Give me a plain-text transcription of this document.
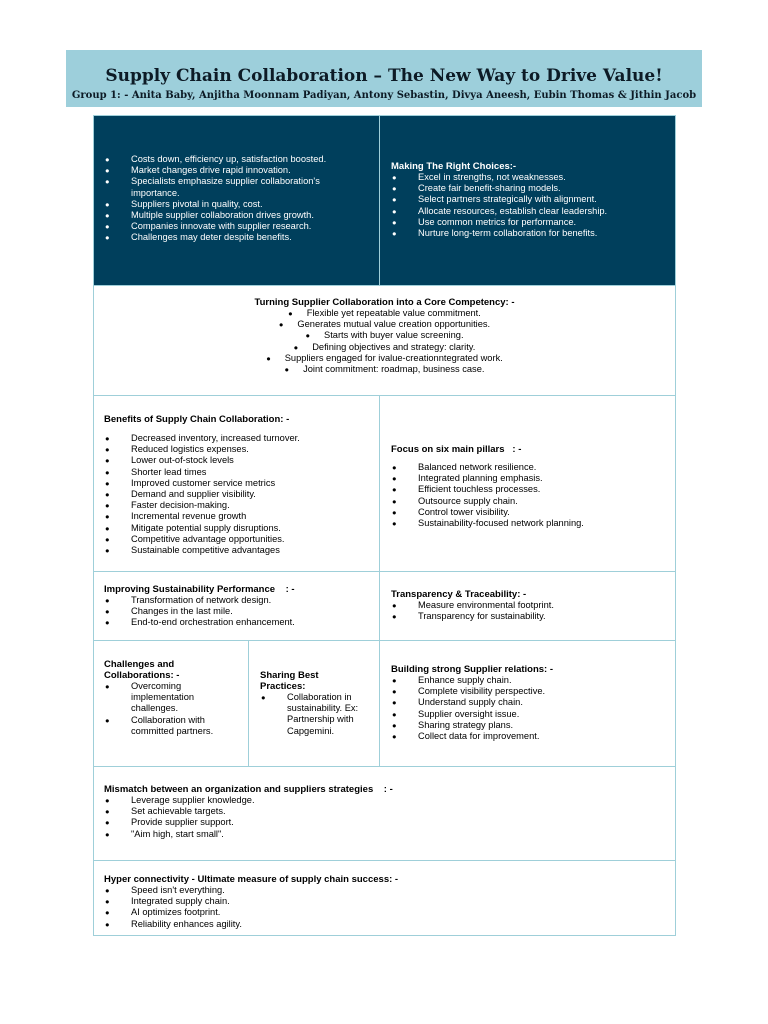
Supply Chain Collaboration – The New Way to Drive Value!
Group 1: - Anita Baby, Anjitha Moonnam Padiyan, Antony Sebastin, Divya Aneesh, Eubin Thomas & Jithin Jacob
● Costs down, efficiency up, satisfaction boosted.
● Market changes drive rapid innovation.
● Specialists emphasize supplier collaboration's importance.
● Suppliers pivotal in quality, cost.
● Multiple supplier collaboration drives growth.
● Companies innovate with supplier research.
● Challenges may deter despite benefits.
Making The Right Choices:-
● Excel in strengths, not weaknesses.
● Create fair benefit-sharing models.
● Select partners strategically with alignment.
● Allocate resources, establish clear leadership.
● Use common metrics for performance.
● Nurture long-term collaboration for benefits.
Turning Supplier Collaboration into a Core Competency: -
● Flexible yet repeatable value commitment.
● Generates mutual value creation opportunities.
● Starts with buyer value screening.
● Defining objectives and strategy: clarity.
● Suppliers engaged for ivalue-creationntegrated work.
● Joint commitment: roadmap, business case.
Benefits of Supply Chain Collaboration: -
● Decreased inventory, increased turnover.
● Reduced logistics expenses.
● Lower out-of-stock levels
● Shorter lead times
● Improved customer service metrics
● Demand and supplier visibility.
● Faster decision-making.
● Incremental revenue growth
● Mitigate potential supply disruptions.
● Competitive advantage opportunities.
● Sustainable competitive advantages
Focus on six main pillars   : -
● Balanced network resilience.
● Integrated planning emphasis.
● Efficient touchless processes.
● Outsource supply chain.
● Control tower visibility.
● Sustainability-focused network planning.
Improving Sustainability Performance    : -
● Transformation of network design.
● Changes in the last mile.
● End-to-end orchestration enhancement.
Transparency & Traceability: -
● Measure environmental footprint.
● Transparency for sustainability.
Challenges and Collaborations: -
● Overcoming implementation challenges.
● Collaboration with committed partners.
Sharing Best Practices:
● Collaboration in sustainability. Ex: Partnership with Capgemini.
Building strong Supplier relations: -
● Enhance supply chain.
● Complete visibility perspective.
● Understand supply chain.
● Supplier oversight issue.
● Sharing strategy plans.
● Collect data for improvement.
Mismatch between an organization and suppliers strategies    : -
● Leverage supplier knowledge.
● Set achievable targets.
● Provide supplier support.
● "Aim high, start small".
Hyper connectivity - Ultimate measure of supply chain success: -
● Speed isn't everything.
● Integrated supply chain.
● AI optimizes footprint.
● Reliability enhances agility.
